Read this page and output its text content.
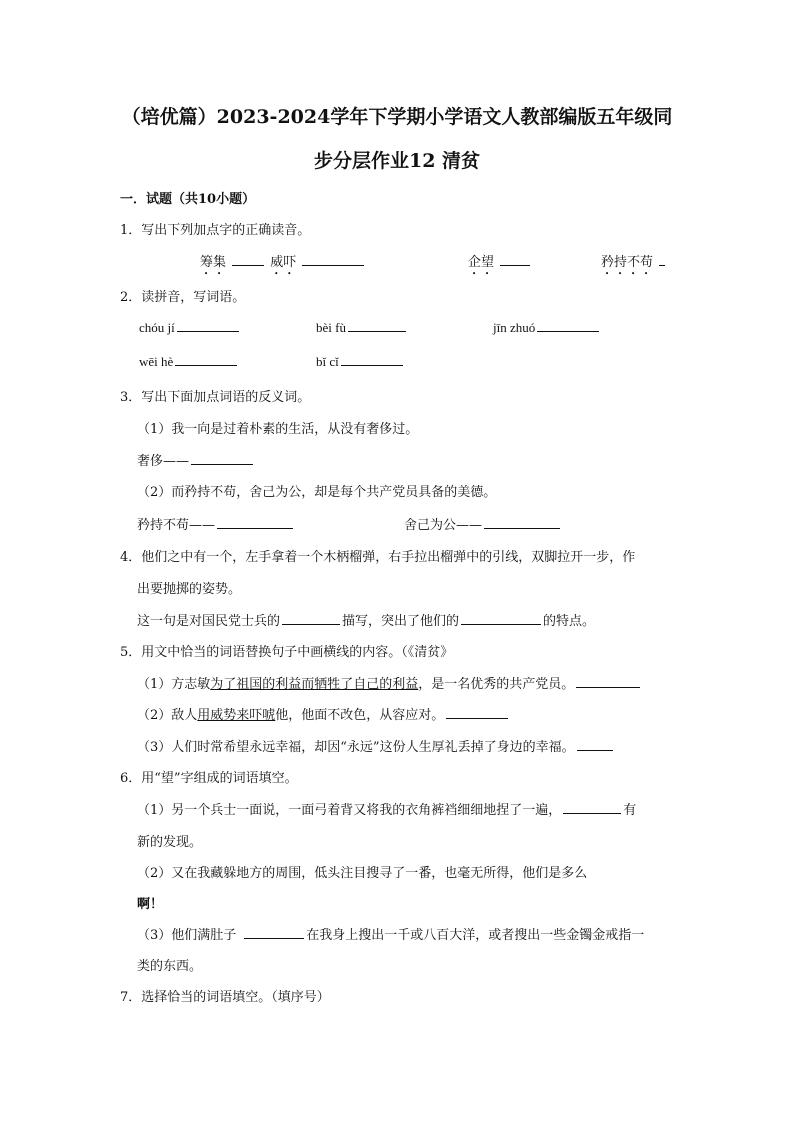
（培优篇）2023-2024学年下学期小学语文人教部编版五年级同
步分层作业12 清贫
一．试题（共10小题）
1．写出下列加点字的正确读音。
筹集	威吓	企望	矜持不苟
2．读拼音，写词语。
chóu jí	bèi fù	jīn zhuó
wēi hè	bǐ cǐ
3．写出下面加点词语的反义词。
（1）我一向是过着朴素的生活，从没有奢侈过。
奢侈——
（2）而矜持不苟，舍己为公，却是每个共产党员具备的美德。
矜持不苟——	舍己为公——
4．他们之中有一个，左手拿着一个木柄榴弹，右手拉出榴弹中的引线，双脚拉开一步，作
出要抛掷的姿势。
这一句是对国民党士兵的	描写，突出了他们的	的特点。
5．用文中恰当的词语替换句子中画横线的内容。（《清贫》
（1）方志敏为了祖国的利益而牺牲了自己的利益，是一名优秀的共产党员。
（2）敌人用威势来吓唬他，他面不改色，从容应对。
（3）人们时常希望永远幸福，却因“永远”这份人生厚礼丢掉了身边的幸福。
6．用“望”字组成的词语填空。
（1）另一个兵士一面说，一面弓着背又将我的衣角裤裆细细地捏了一遍，	有
新的发现。
（2）又在我藏躲地方的周围，低头注目搜寻了一番，也毫无所得，他们是多么
啊！
（3）他们满肚子	在我身上搜出一千或八百大洋，或者搜出一些金镯金戒指一
类的东西。
7．选择恰当的词语填空。（填序号）
